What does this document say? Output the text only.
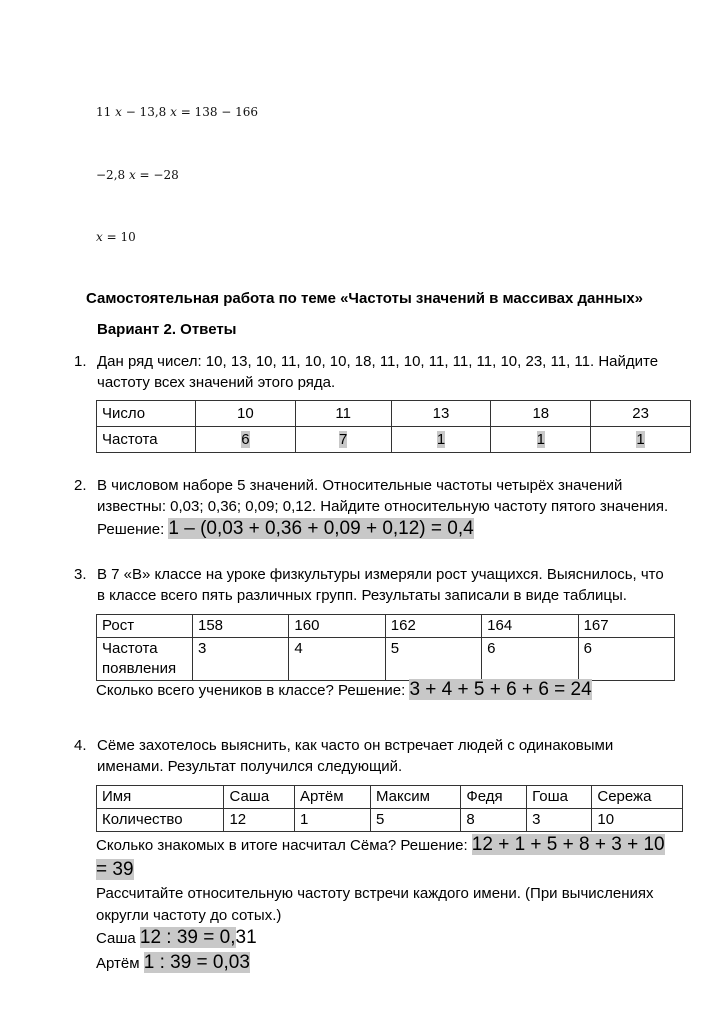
11 x − 13,8 x = 138 − 166
−2,8 x = −28
x = 10
Самостоятельная работа по теме «Частоты значений в массивах данных»
Вариант 2. Ответы
1. Дан ряд чисел: 10, 13, 10, 11, 10, 10, 18, 11, 10, 11, 11, 11, 10, 23, 11, 11. Найдите
частоту всех значений этого ряда.
Число	10	11	13	18	23
Частота	6	7	1	1	1
2. В числовом наборе 5 значений. Относительные частоты четырёх значений
известны: 0,03; 0,36; 0,09; 0,12. Найдите относительную частоту пятого значения.
Решение: 1 – (0,03 + 0,36 + 0,09 + 0,12) = 0,4
3. В 7 «В» классе на уроке физкультуры измеряли рост учащихся. Выяснилось, что
в классе всего пять различных групп. Результаты записали в виде таблицы.
Рост	158	160	162	164	167

Частота
появления	3	4	5	6	6
Сколько всего учеников в классе? Решение: 3 + 4 + 5 + 6 + 6 = 24
4. Сёме захотелось выяснить, как часто он встречает людей с одинаковыми
именами. Результат получился следующий.
Имя	Саша	Артём	Максим	Федя	Гоша	Сережа
Количество	12	1	5	8	3	10
Сколько знакомых в итоге насчитал Сёма? Решение: 12 + 1 + 5 + 8 + 3 + 10
= 39
Рассчитайте относительную частоту встречи каждого имени. (При вычислениях
округли частоту до сотых.)
Саша 12 : 39 = 0,31
Артём 1 : 39 = 0,03
